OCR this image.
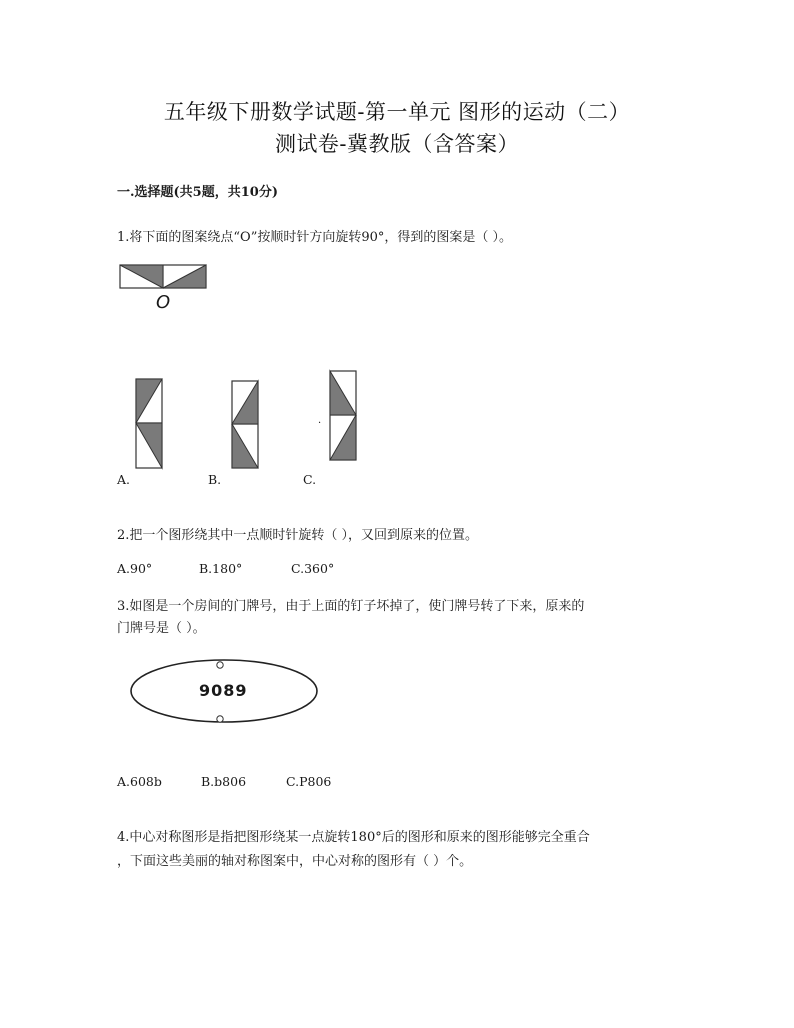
五年级下册数学试题-第一单元 图形的运动（二）
测试卷-冀教版（含答案）
一.选择题(共5题，共10分)
1.将下面的图案绕点“O”按顺时针方向旋转90°，得到的图案是（ ）。
O
·
A.	B.	C.
2.把一个图形绕其中一点顺时针旋转（ ），又回到原来的位置。
A.90°	B.180°	C.360°
3.如图是一个房间的门牌号，由于上面的钉子坏掉了，使门牌号转了下来，原来的
门牌号是（ ）。
9089
A.608b	B.b806	C.P806
4.中心对称图形是指把图形绕某一点旋转180°后的图形和原来的图形能够完全重合
，下面这些美丽的轴对称图案中，中心对称的图形有（ ）个。
